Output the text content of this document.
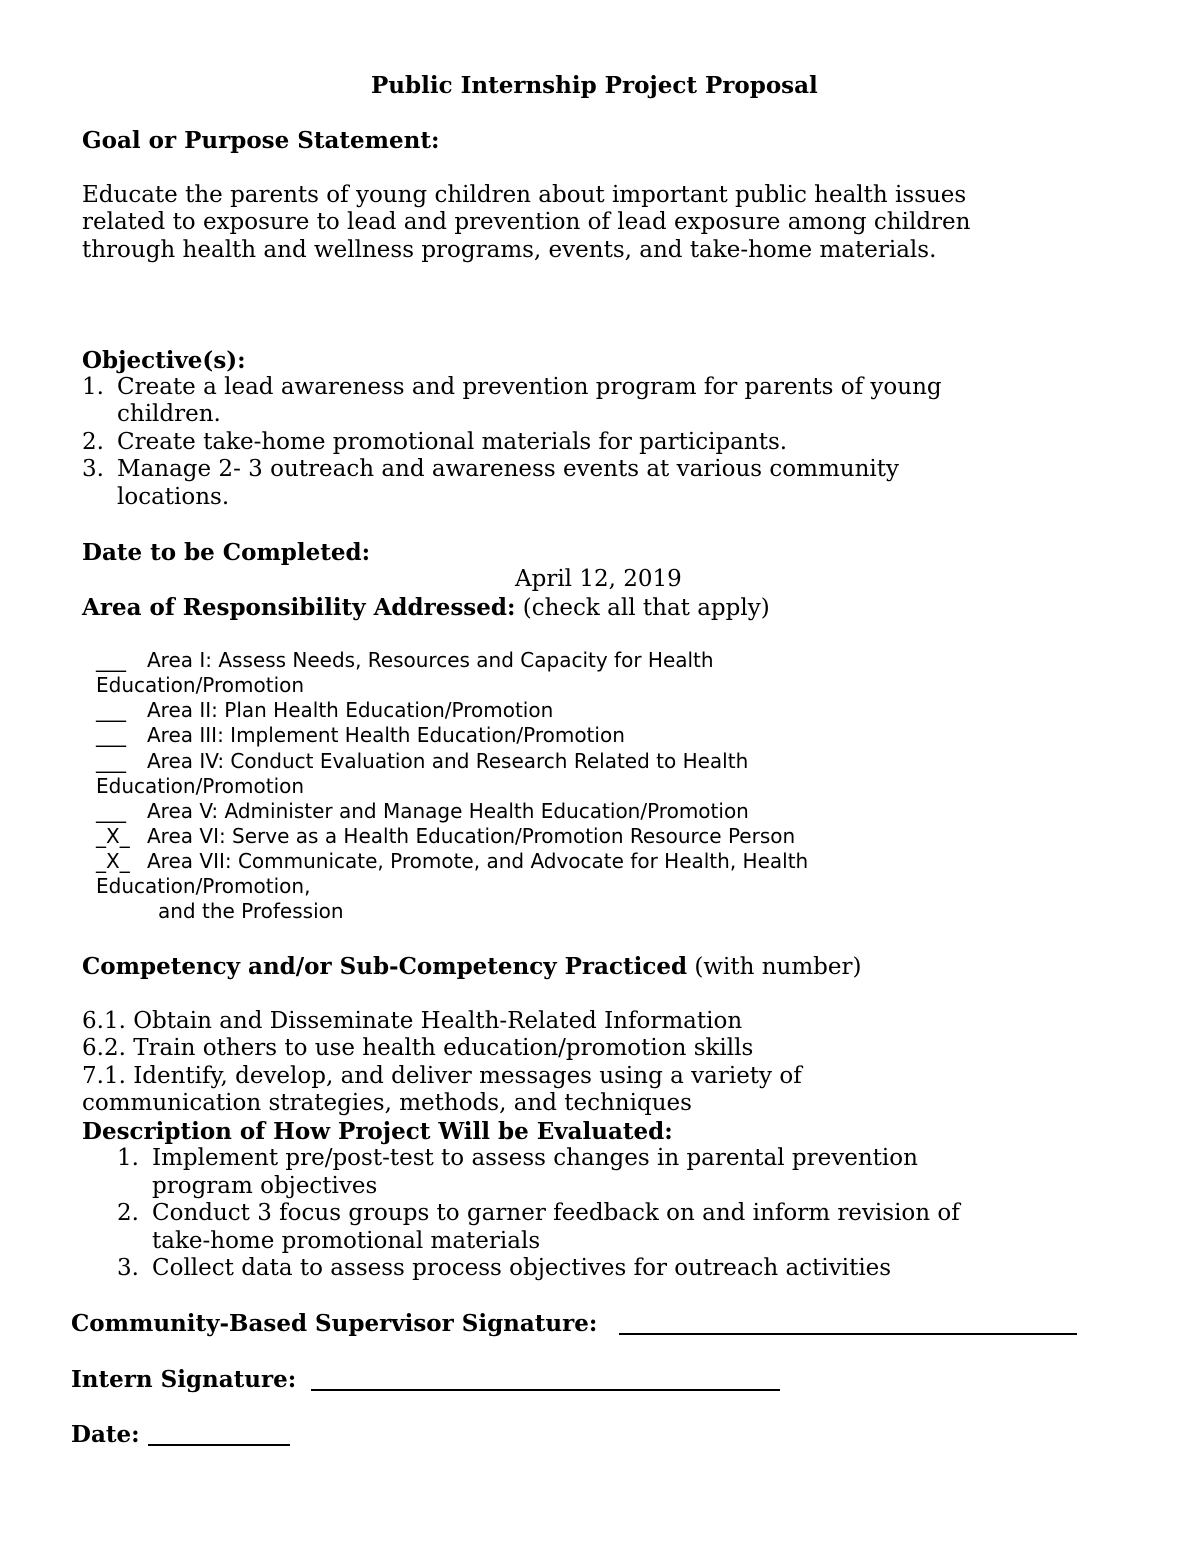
Public Internship Project Proposal
Goal or Purpose Statement:
Educate the parents of young children about important public health issues
related to exposure to lead and prevention of lead exposure among children
through health and wellness programs, events, and take-home materials.
Objective(s):
1. Create a lead awareness and prevention program for parents of young
children.
2. Create take-home promotional materials for participants.
3. Manage 2- 3 outreach and awareness events at various community
locations.
Date to be Completed:
April 12, 2019
Area of Responsibility Addressed: (check all that apply)
___ Area I: Assess Needs, Resources and Capacity for Health
Education/Promotion
___ Area II: Plan Health Education/Promotion
___ Area III: Implement Health Education/Promotion
___ Area IV: Conduct Evaluation and Research Related to Health
Education/Promotion
___ Area V: Administer and Manage Health Education/Promotion
_X_ Area VI: Serve as a Health Education/Promotion Resource Person
_X_ Area VII: Communicate, Promote, and Advocate for Health, Health
Education/Promotion,
and the Profession
Competency and/or Sub-Competency Practiced (with number)
6.1. Obtain and Disseminate Health-Related Information
6.2. Train others to use health education/promotion skills
7.1. Identify, develop, and deliver messages using a variety of
communication strategies, methods, and techniques
Description of How Project Will be Evaluated:
1. Implement pre/post-test to assess changes in parental prevention
program objectives
2. Conduct 3 focus groups to garner feedback on and inform revision of
take-home promotional materials
3. Collect data to assess process objectives for outreach activities
Community-Based Supervisor Signature:
Intern Signature:
Date:
